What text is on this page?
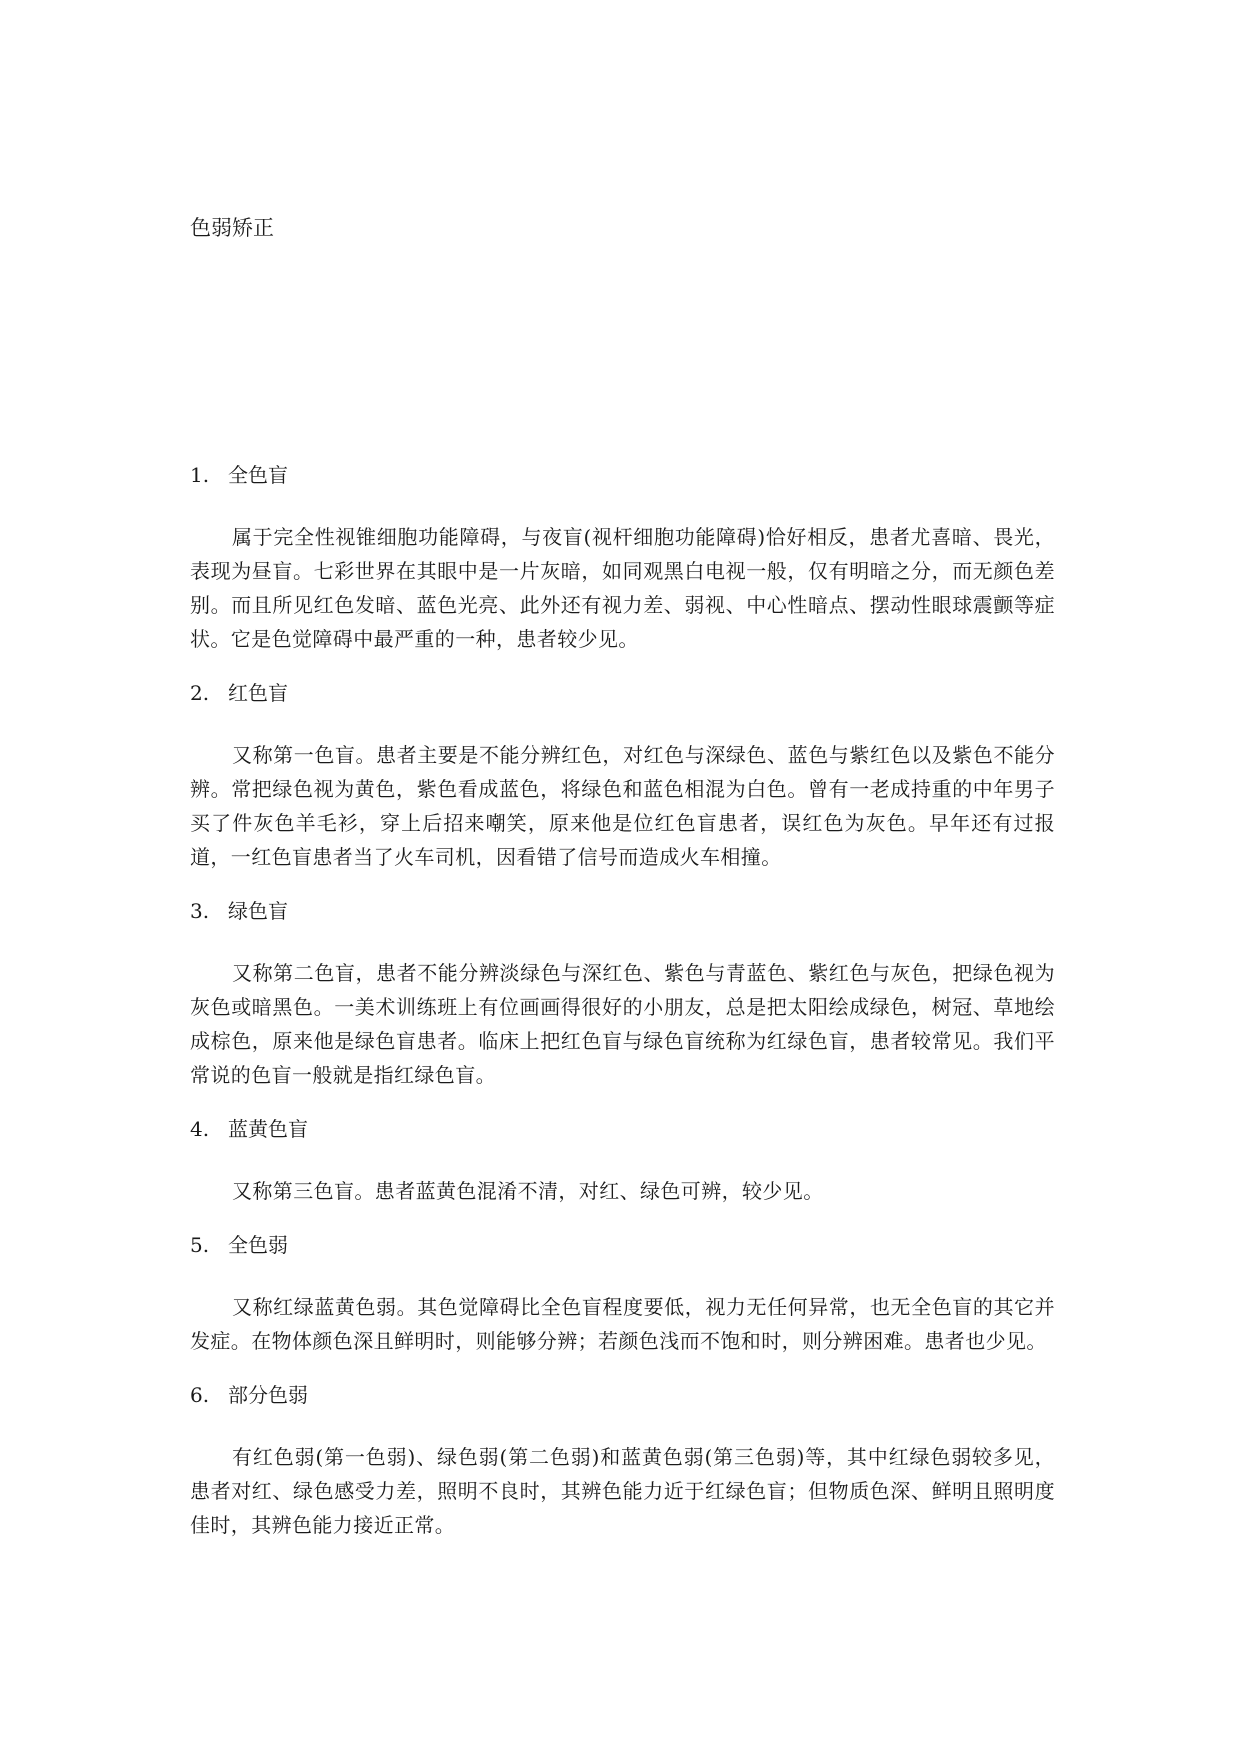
色弱矫正

1. 全色盲

属于完全性视锥细胞功能障碍，与夜盲(视杆细胞功能障碍)恰好相反，患者尤喜暗、畏光，表现为昼盲。七彩世界在其眼中是一片灰暗，如同观黑白电视一般，仅有明暗之分，而无颜色差别。而且所见红色发暗、蓝色光亮、此外还有视力差、弱视、中心性暗点、摆动性眼球震颤等症状。它是色觉障碍中最严重的一种，患者较少见。

2. 红色盲

又称第一色盲。患者主要是不能分辨红色，对红色与深绿色、蓝色与紫红色以及紫色不能分辨。常把绿色视为黄色，紫色看成蓝色，将绿色和蓝色相混为白色。曾有一老成持重的中年男子买了件灰色羊毛衫，穿上后招来嘲笑，原来他是位红色盲患者，误红色为灰色。早年还有过报道，一红色盲患者当了火车司机，因看错了信号而造成火车相撞。

3. 绿色盲

又称第二色盲，患者不能分辨淡绿色与深红色、紫色与青蓝色、紫红色与灰色，把绿色视为灰色或暗黑色。一美术训练班上有位画画得很好的小朋友，总是把太阳绘成绿色，树冠、草地绘成棕色，原来他是绿色盲患者。临床上把红色盲与绿色盲统称为红绿色盲，患者较常见。我们平常说的色盲一般就是指红绿色盲。

4. 蓝黄色盲

又称第三色盲。患者蓝黄色混淆不清，对红、绿色可辨，较少见。

5. 全色弱

又称红绿蓝黄色弱。其色觉障碍比全色盲程度要低，视力无任何异常，也无全色盲的其它并发症。在物体颜色深且鲜明时，则能够分辨；若颜色浅而不饱和时，则分辨困难。患者也少见。

6. 部分色弱

有红色弱(第一色弱)、绿色弱(第二色弱)和蓝黄色弱(第三色弱)等，其中红绿色弱较多见，患者对红、绿色感受力差，照明不良时，其辨色能力近于红绿色盲；但物质色深、鲜明且照明度佳时，其辨色能力接近正常。
